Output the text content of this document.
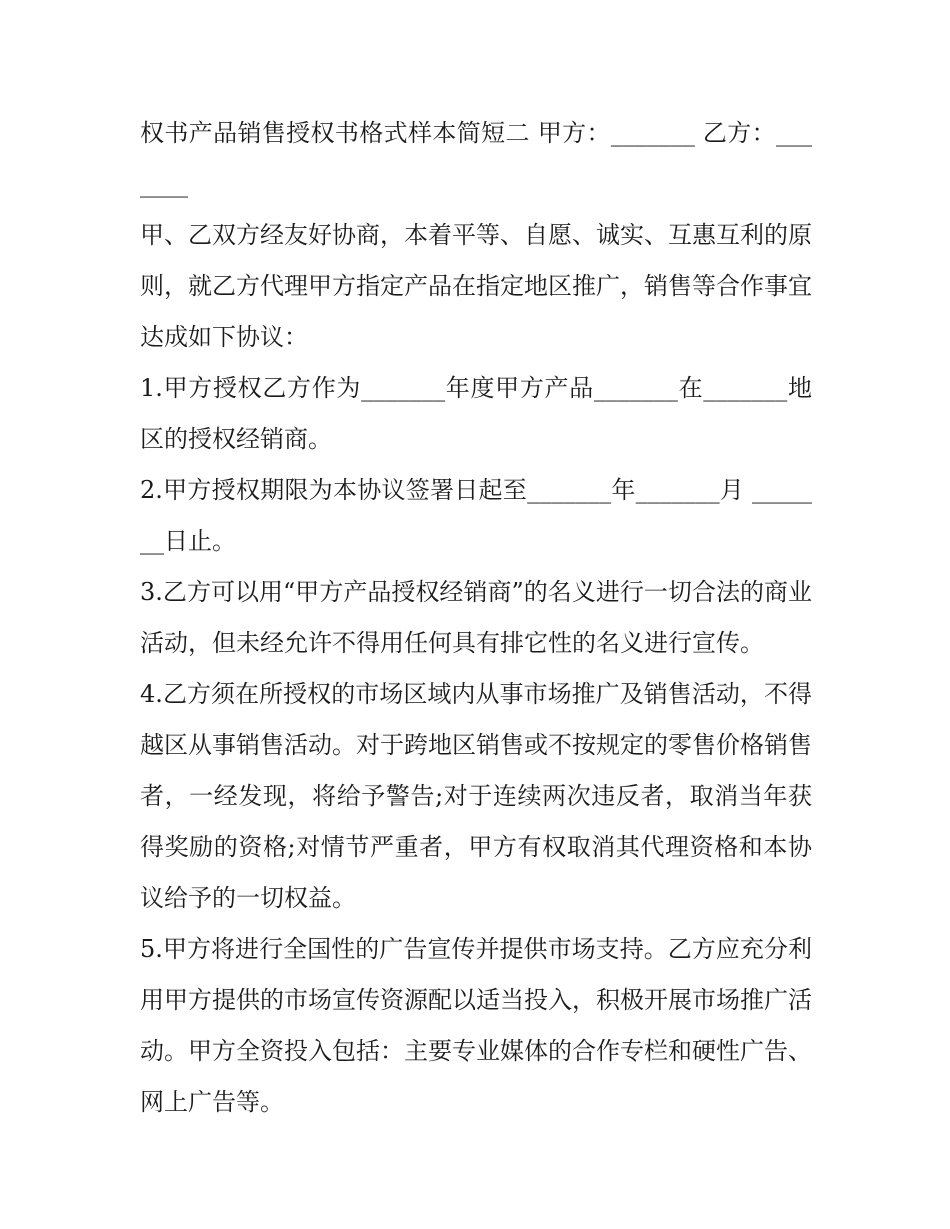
权书产品销售授权书格式样本简短二 甲方：_______ 乙方：_______

甲、乙双方经友好协商，本着平等、自愿、诚实、互惠互利的原则，就乙方代理甲方指定产品在指定地区推广，销售等合作事宜达成如下协议：

1.甲方授权乙方作为_______年度甲方产品_______在_______地区的授权经销商。

2.甲方授权期限为本协议签署日起至_______年_______月 _______日止。

3.乙方可以用“甲方产品授权经销商”的名义进行一切合法的商业活动，但未经允许不得用任何具有排它性的名义进行宣传。

4.乙方须在所授权的市场区域内从事市场推广及销售活动，不得越区从事销售活动。对于跨地区销售或不按规定的零售价格销售者，一经发现，将给予警告;对于连续两次违反者，取消当年获得奖励的资格;对情节严重者，甲方有权取消其代理资格和本协议给予的一切权益。

5.甲方将进行全国性的广告宣传并提供市场支持。乙方应充分利用甲方提供的市场宣传资源配以适当投入，积极开展市场推广活动。甲方全资投入包括：主要专业媒体的合作专栏和硬性广告、网上广告等。
